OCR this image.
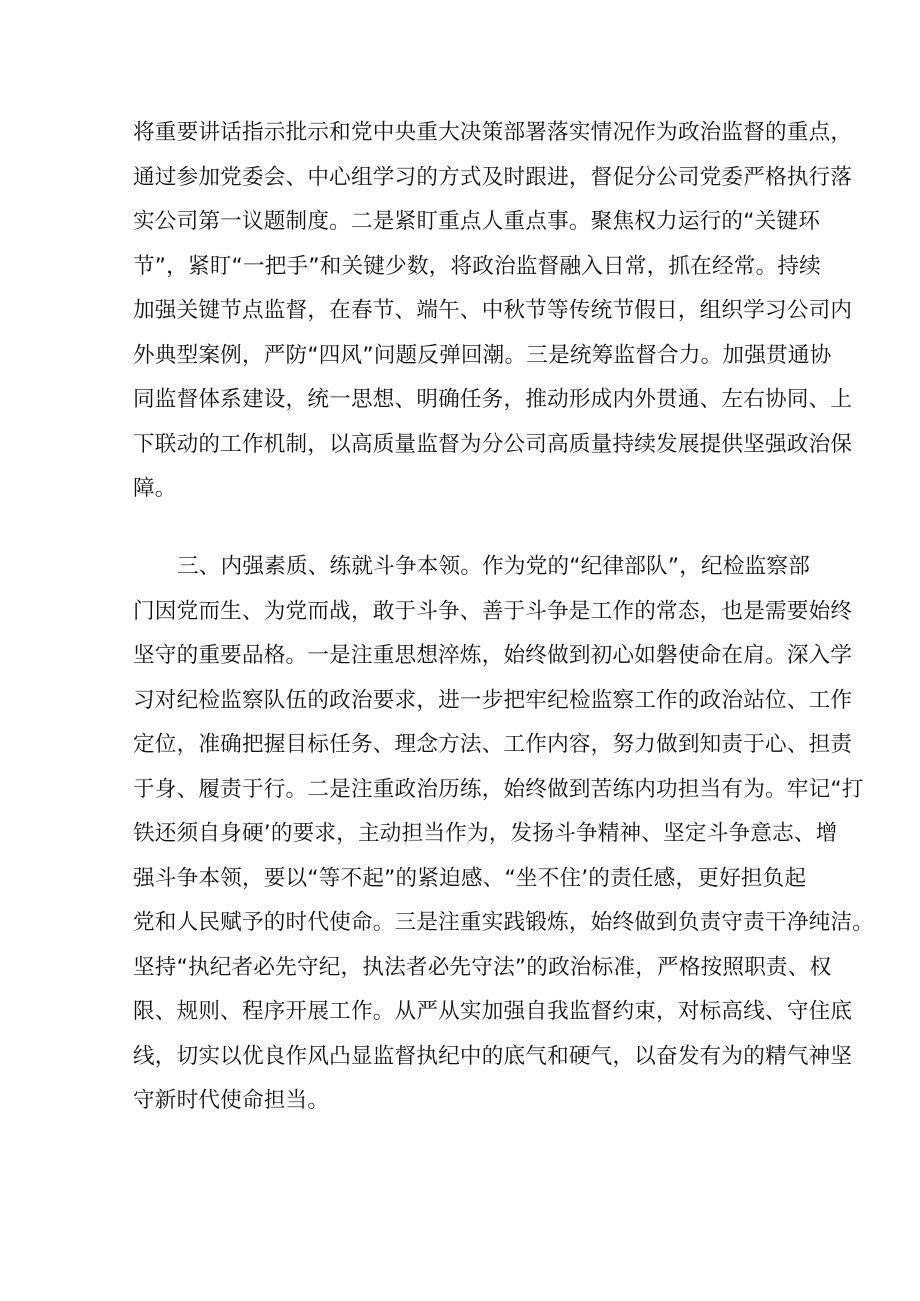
将重要讲话指示批示和党中央重大决策部署落实情况作为政治监督的重点，
通过参加党委会、中心组学习的方式及时跟进，督促分公司党委严格执行落
实公司第一议题制度。二是紧盯重点人重点事。聚焦权力运行的“关键环
节”，紧盯“一把手”和关键少数，将政治监督融入日常，抓在经常。持续
加强关键节点监督，在春节、端午、中秋节等传统节假日，组织学习公司内
外典型案例，严防“四风”问题反弹回潮。三是统筹监督合力。加强贯通协
同监督体系建设，统一思想、明确任务，推动形成内外贯通、左右协同、上
下联动的工作机制，以高质量监督为分公司高质量持续发展提供坚强政治保
障。
三、内强素质、练就斗争本领。作为党的“纪律部队”，纪检监察部
门因党而生、为党而战，敢于斗争、善于斗争是工作的常态，也是需要始终
坚守的重要品格。一是注重思想淬炼，始终做到初心如磐使命在肩。深入学
习对纪检监察队伍的政治要求，进一步把牢纪检监察工作的政治站位、工作
定位，准确把握目标任务、理念方法、工作内容，努力做到知责于心、担责
于身、履责于行。二是注重政治历练，始终做到苦练内功担当有为。牢记“打
铁还须自身硬’的要求，主动担当作为，发扬斗争精神、坚定斗争意志、增
强斗争本领，要以“等不起”的紧迫感、“坐不住’的责任感，更好担负起
党和人民赋予的时代使命。三是注重实践锻炼，始终做到负责守责干净纯洁。
坚持“执纪者必先守纪，执法者必先守法”的政治标准，严格按照职责、权
限、规则、程序开展工作。从严从实加强自我监督约束，对标高线、守住底
线，切实以优良作风凸显监督执纪中的底气和硬气，以奋发有为的精气神坚
守新时代使命担当。
